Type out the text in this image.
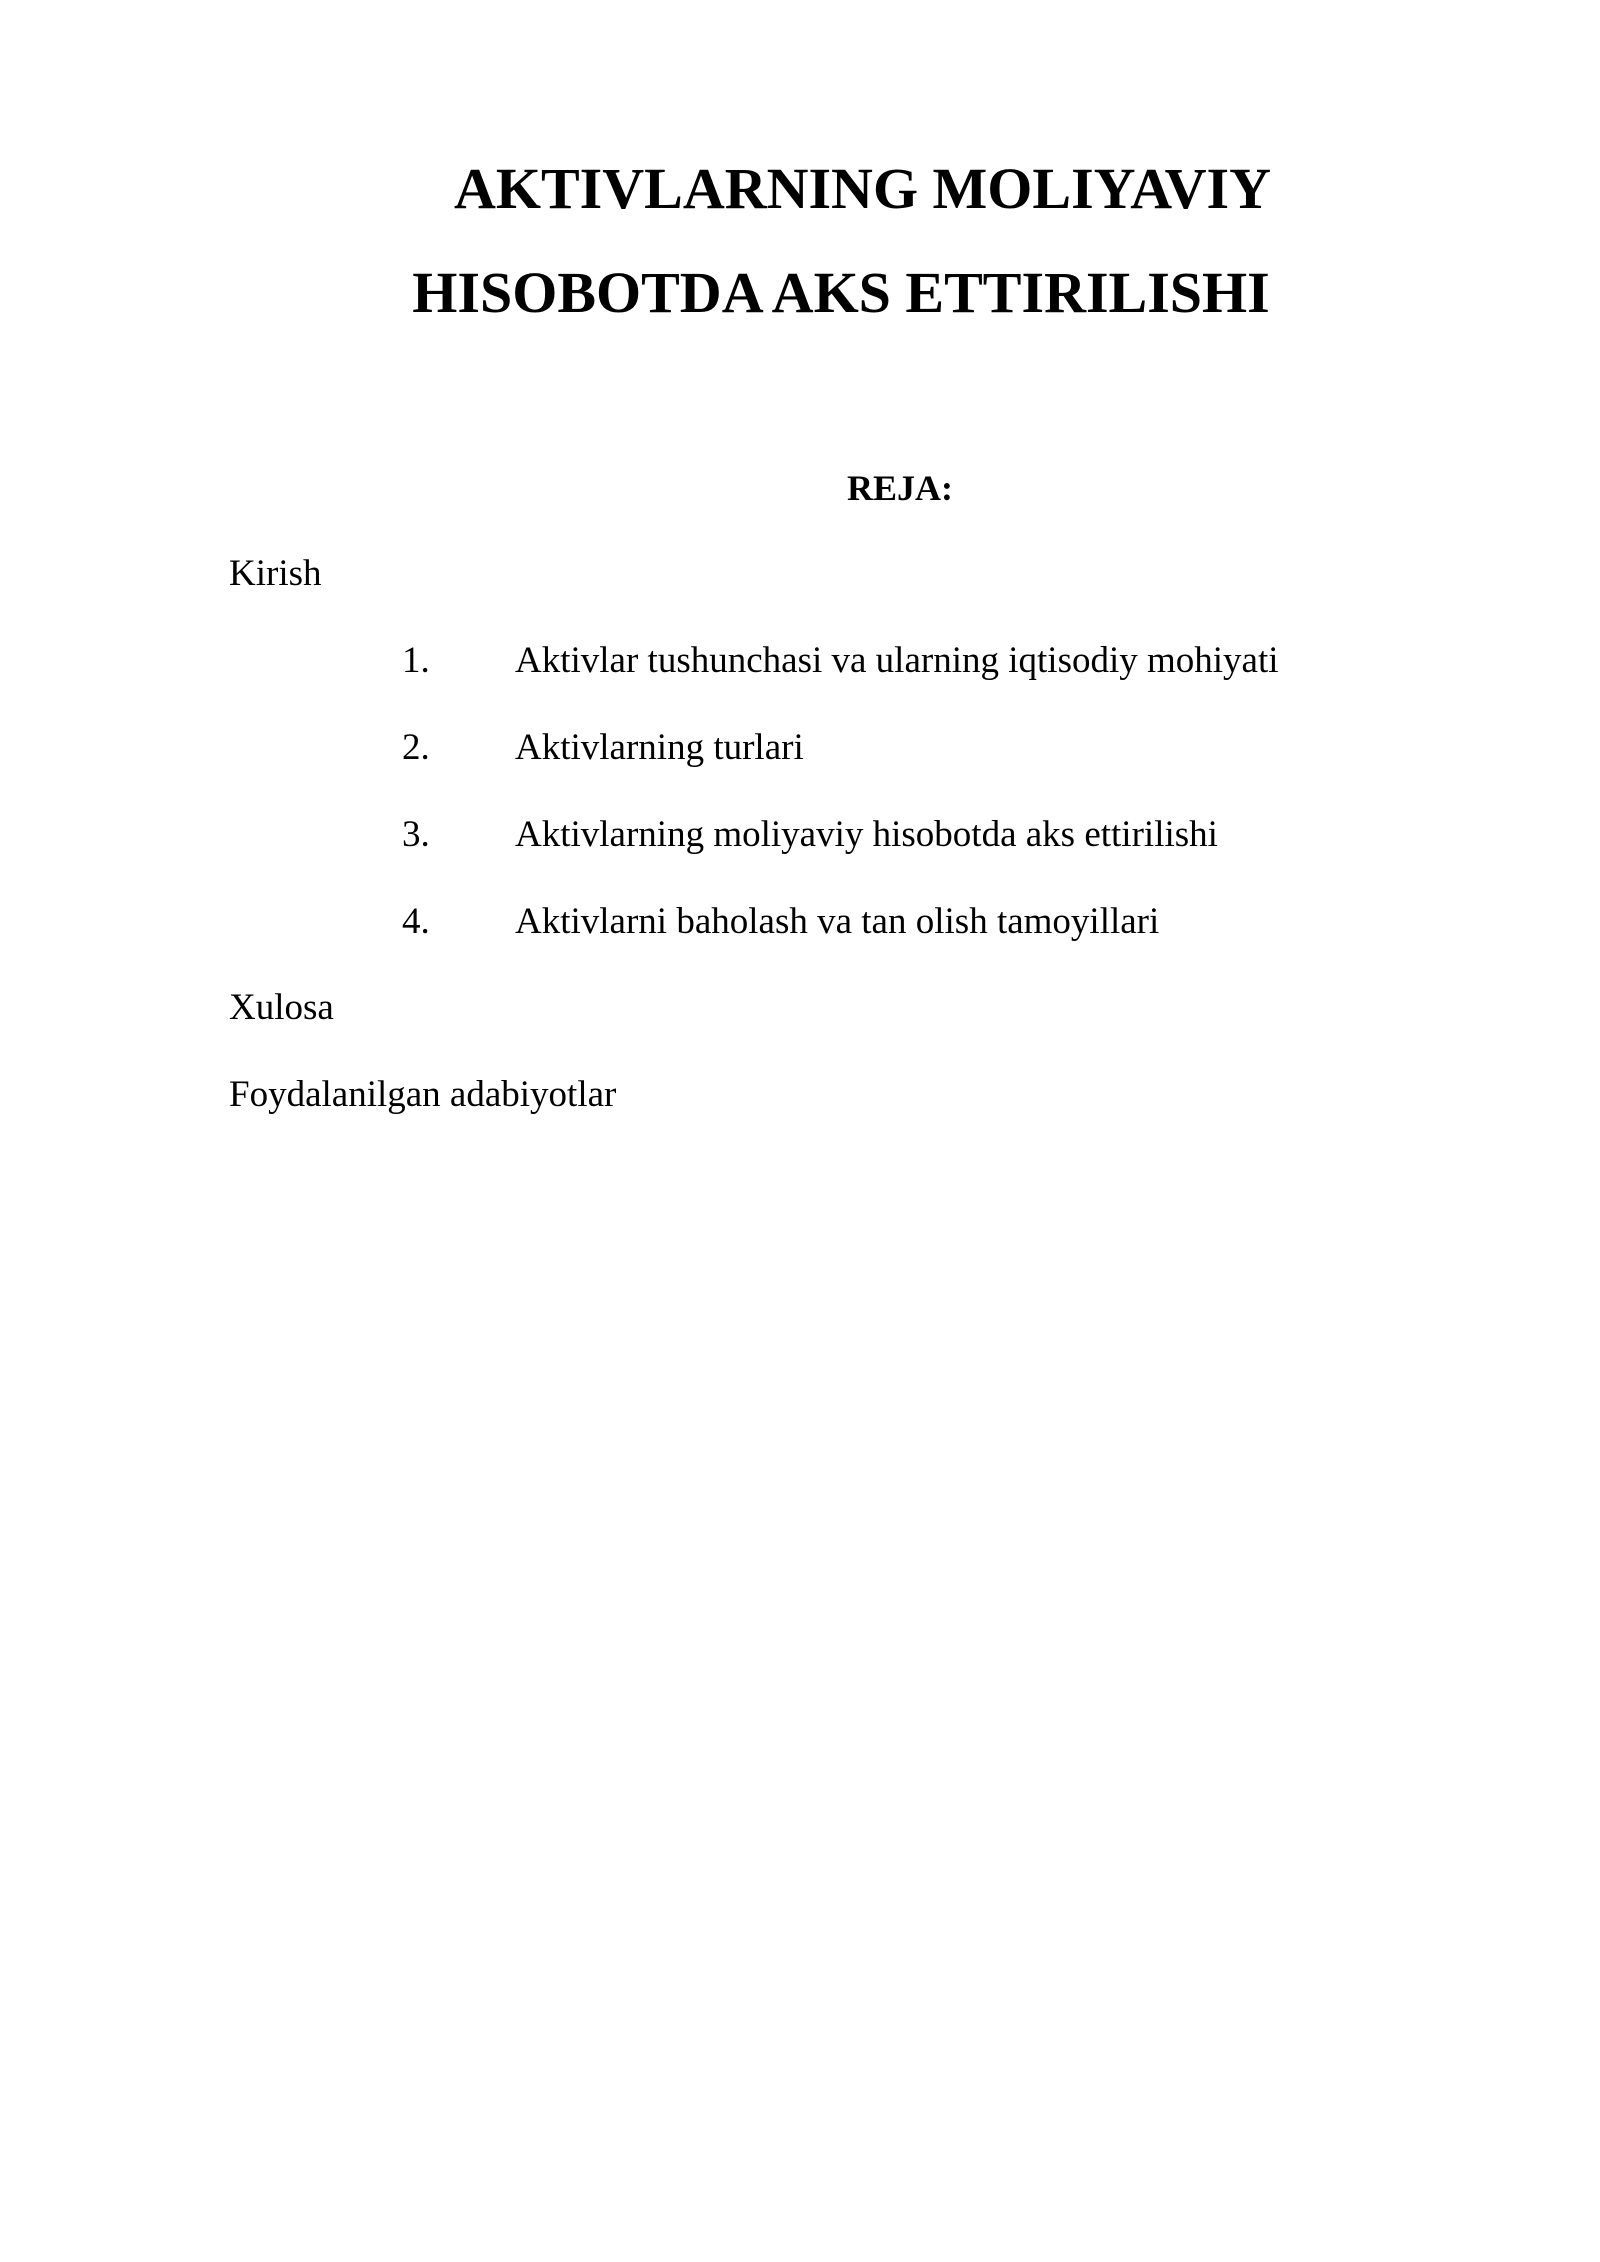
AKTIVLARNING MOLIYAVIY
HISOBOTDA AKS ETTIRILISHI
REJA:

Kirish

1. Aktivlar tushunchasi va ularning iqtisodiy mohiyati
2. Aktivlarning turlari
3. Aktivlarning moliyaviy hisobotda aks ettirilishi
4. Aktivlarni baholash va tan olish tamoyillari

Xulosa

Foydalanilgan adabiyotlar
